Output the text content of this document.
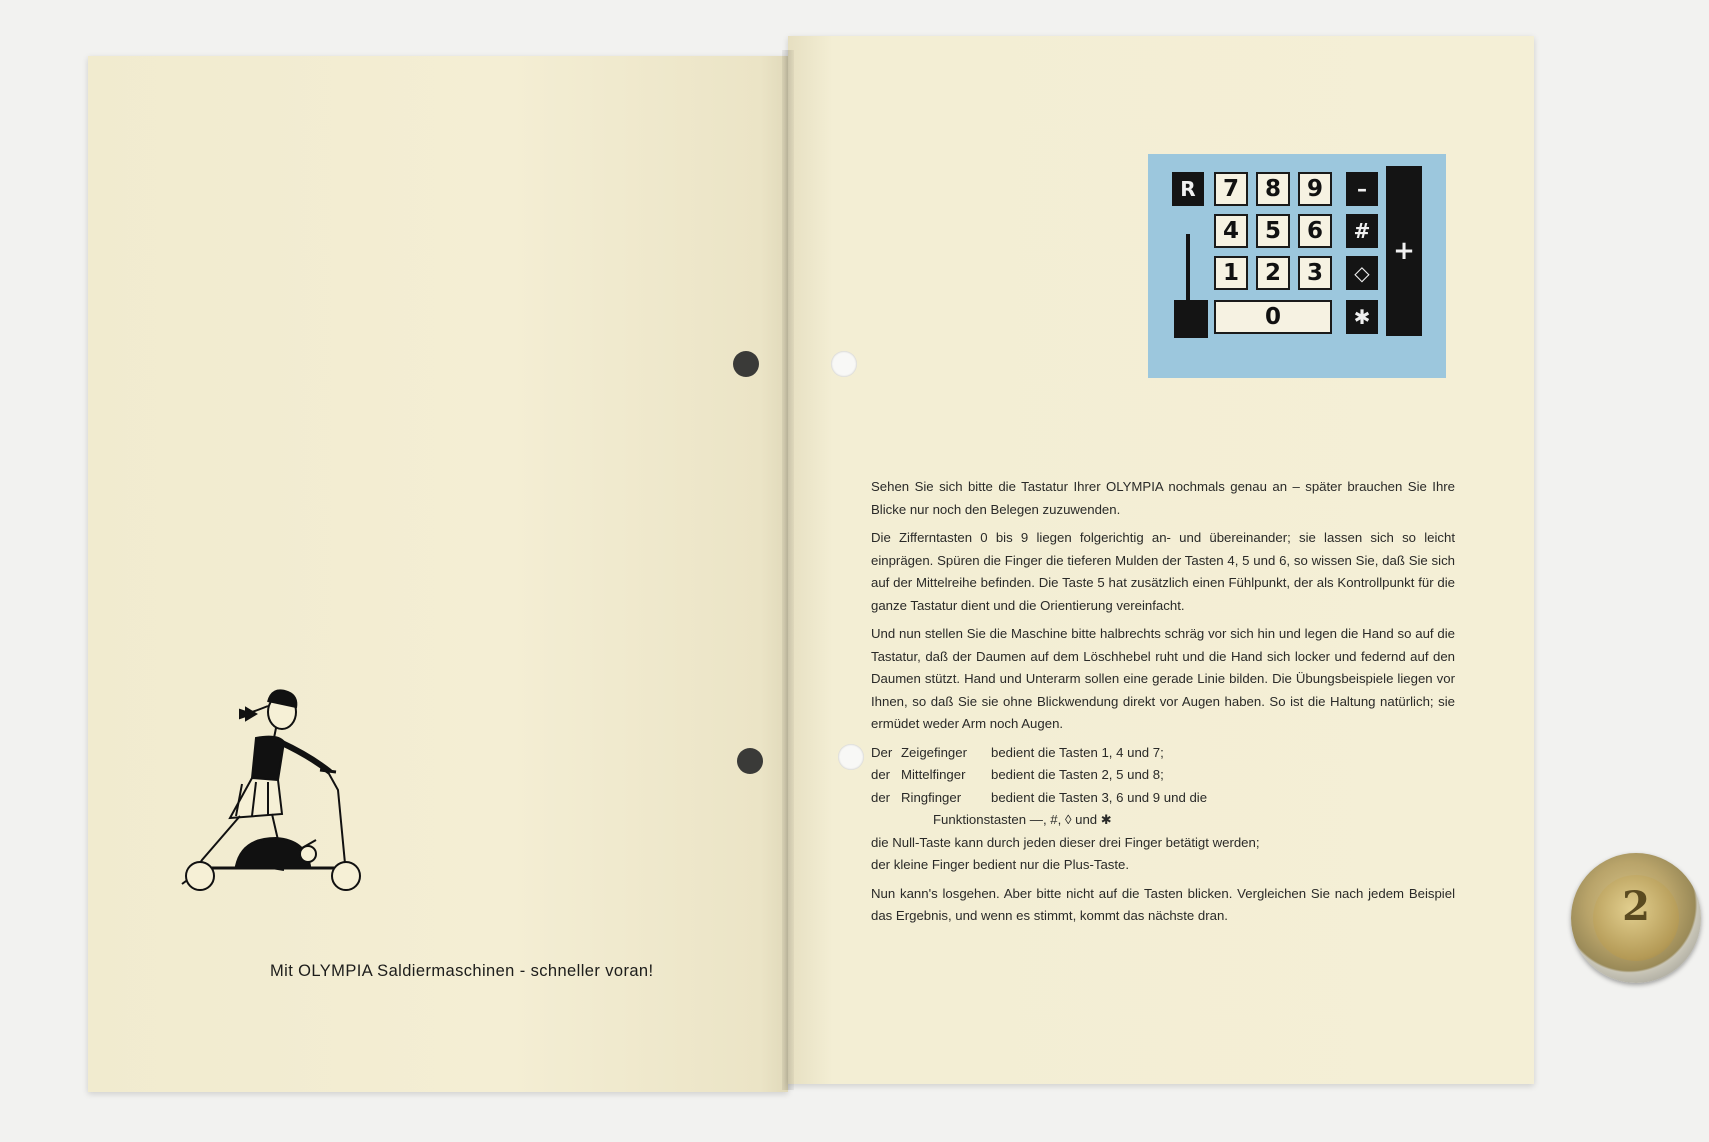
Mit OLYMPIA Saldiermaschinen - schneller voran!
R	7	8	9	–
4	5	6	#
1	2	3	◇
0	✱
+

Sehen Sie sich bitte die Tastatur Ihrer OLYMPIA nochmals genau an – später brauchen Sie Ihre Blicke nur noch den Belegen zuzuwenden.

Die Zifferntasten 0 bis 9 liegen folgerichtig an- und übereinander; sie lassen sich so leicht einprägen. Spüren die Finger die tieferen Mulden der Tasten 4, 5 und 6, so wissen Sie, daß Sie sich auf der Mittelreihe befinden. Die Taste 5 hat zusätzlich einen Fühlpunkt, der als Kontrollpunkt für die ganze Tastatur dient und die Orientierung vereinfacht.

Und nun stellen Sie die Maschine bitte halbrechts schräg vor sich hin und legen die Hand so auf die Tastatur, daß der Daumen auf dem Löschhebel ruht und die Hand sich locker und federnd auf den Daumen stützt. Hand und Unterarm sollen eine gerade Linie bilden. Die Übungsbeispiele liegen vor Ihnen, so daß Sie sie ohne Blickwendung direkt vor Augen haben. So ist die Haltung natürlich; sie ermüdet weder Arm noch Augen.

Der Zeigefinger	bedient die Tasten 1, 4 und 7;
der Mittelfinger	bedient die Tasten 2, 5 und 8;
der Ringfinger	bedient die Tasten 3, 6 und 9 und die
Funktionstasten —, #, ◊ und ✱
die Null-Taste kann durch jeden dieser drei Finger betätigt werden;
der kleine Finger bedient nur die Plus-Taste.

Nun kann's losgehen. Aber bitte nicht auf die Tasten blicken. Vergleichen Sie nach jedem Beispiel das Ergebnis, und wenn es stimmt, kommt das nächste dran.	2
